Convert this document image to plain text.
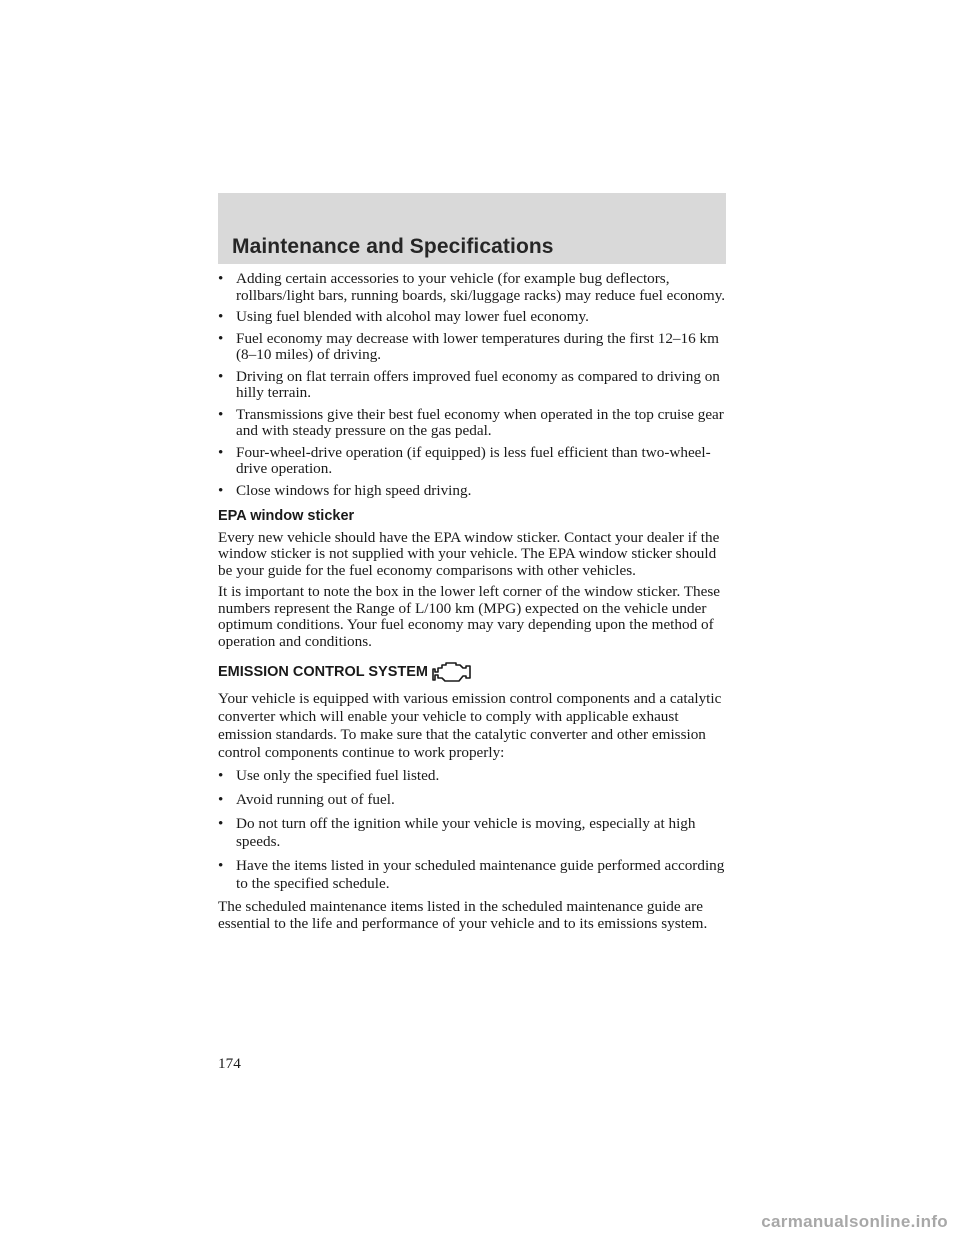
Maintenance and Specifications
• Adding certain accessories to your vehicle (for example bug deflectors, rollbars/light bars, running boards, ski/luggage racks) may reduce fuel economy.
• Using fuel blended with alcohol may lower fuel economy.
• Fuel economy may decrease with lower temperatures during the first 12–16 km (8–10 miles) of driving.
• Driving on flat terrain offers improved fuel economy as compared to driving on hilly terrain.
• Transmissions give their best fuel economy when operated in the top cruise gear and with steady pressure on the gas pedal.
• Four-wheel-drive operation (if equipped) is less fuel efficient than two-wheel-drive operation.
• Close windows for high speed driving.
EPA window sticker

Every new vehicle should have the EPA window sticker. Contact your dealer if the window sticker is not supplied with your vehicle. The EPA window sticker should be your guide for the fuel economy comparisons with other vehicles.

It is important to note the box in the lower left corner of the window sticker. These numbers represent the Range of L/100 km (MPG) expected on the vehicle under optimum conditions. Your fuel economy may vary depending upon the method of operation and conditions.

EMISSION CONTROL SYSTEM

Your vehicle is equipped with various emission control components and a catalytic converter which will enable your vehicle to comply with applicable exhaust emission standards. To make sure that the catalytic converter and other emission control components continue to work properly:

• Use only the specified fuel listed.
• Avoid running out of fuel.
• Do not turn off the ignition while your vehicle is moving, especially at high speeds.
• Have the items listed in your scheduled maintenance guide performed according to the specified schedule.

The scheduled maintenance items listed in the scheduled maintenance guide are essential to the life and performance of your vehicle and to its emissions system.

174
carmanualsonline.info
